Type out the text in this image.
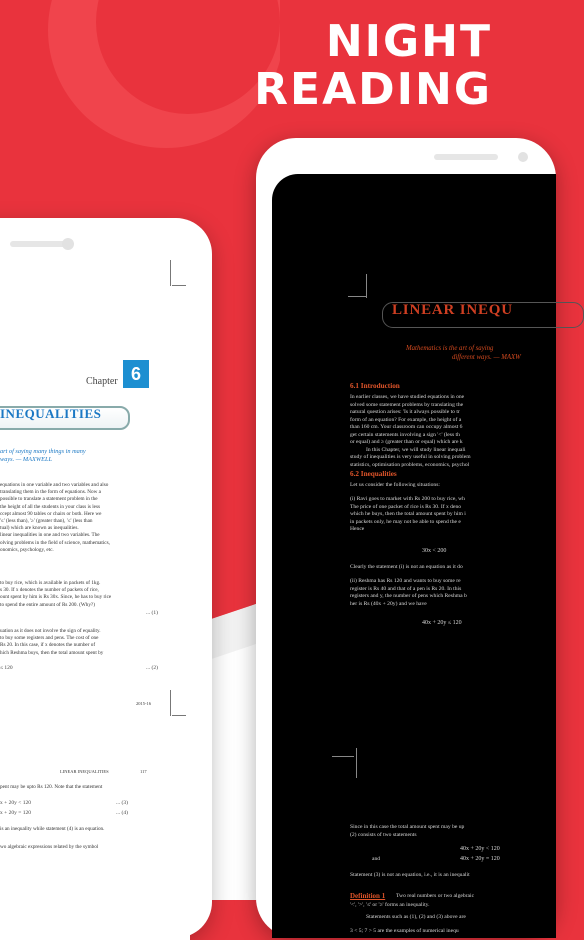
NIGHT
READING
Chapter 6
INEQUALITIES
art of saying many things in many
ways. — MAXWELL
equations in one variable and two variables and also
translating them in the form of equations. Now a
possible to translate a statement problem in the
the height of all the students in your class is less
ccept almost 90 tables or chairs or both. Here we
'≤' (less than), '≥' (greater than), '≤' (less than
tual) which are known as inequalities.
linear inequalities in one and two variables. The
olving problems in the field of science, mathematics,
onomics, psychology, etc.
to buy rice, which is available in packets of 1kg.
s 30. If x denotes the number of packets of rice,
ount spent by him is Rs 30x. Since, he has to buy rice
to spend the entire amount of Rs 200. (Why?)
... (1)
uation as it does not involve the sign of equality.
to buy some registers and pens. The cost of one
Rs 20. In this case, if x denotes the number of
hich Reshma buys, then the total amount spent by
≤ 120	... (2)
2015-16
LINEAR INEQUALITIES	117
pent may be upto Rs 120. Note that the statement
x + 20y < 120	... (3)
x + 20y = 120	... (4)
is an inequality while statement (4) is an equation.
wo algebraic expressions related by the symbol
LINEAR INEQU
Mathematics is the art of saying
different ways. — MAXW
6.1 Introduction
In earlier classes, we have studied equations in one
solved some statement problems by translating the
natural question arises: 'Is it always possible to tr
form of an equation? For example, the height of a
than 160 cm. Your classroom can occupy almost 6
get certain statements involving a sign '<' (less th
or equal) and ≥ (greater than or equal) which are k
In this Chapter, we will study linear inequali
study of inequalities is very useful in solving problem
statistics, optimisation problems, economics, psychol
6.2 Inequalities
Let us consider the following situations:
(i) Ravi goes to market with Rs 200 to buy rice, wh
The price of one packet of rice is Rs 30. If x deno
which he buys, then the total amount spent by him i
in packets only, he may not be able to spend the e
Hence
30x < 200
Clearly the statement (i) is not an equation as it do
(ii) Reshma has Rs 120 and wants to buy some re
register is Rs 40 and that of a pen is Rs 20. In this
registers and y, the number of pens which Reshma b
her is Rs (40x + 20y) and we have
40x + 20y ≤ 120
Since in this case the total amount spent may be up
(2) consists of two statements
40x + 20y < 120
and	40x + 20y = 120
Statement (3) is not an equation, i.e., it is an inequalit
Definition 1 Two real numbers or two algebraic
'<', '>', '≤' or '≥' forms an inequality.
Statements such as (1), (2) and (3) above are
3 < 5; 7 > 5 are the examples of numerical inequ
